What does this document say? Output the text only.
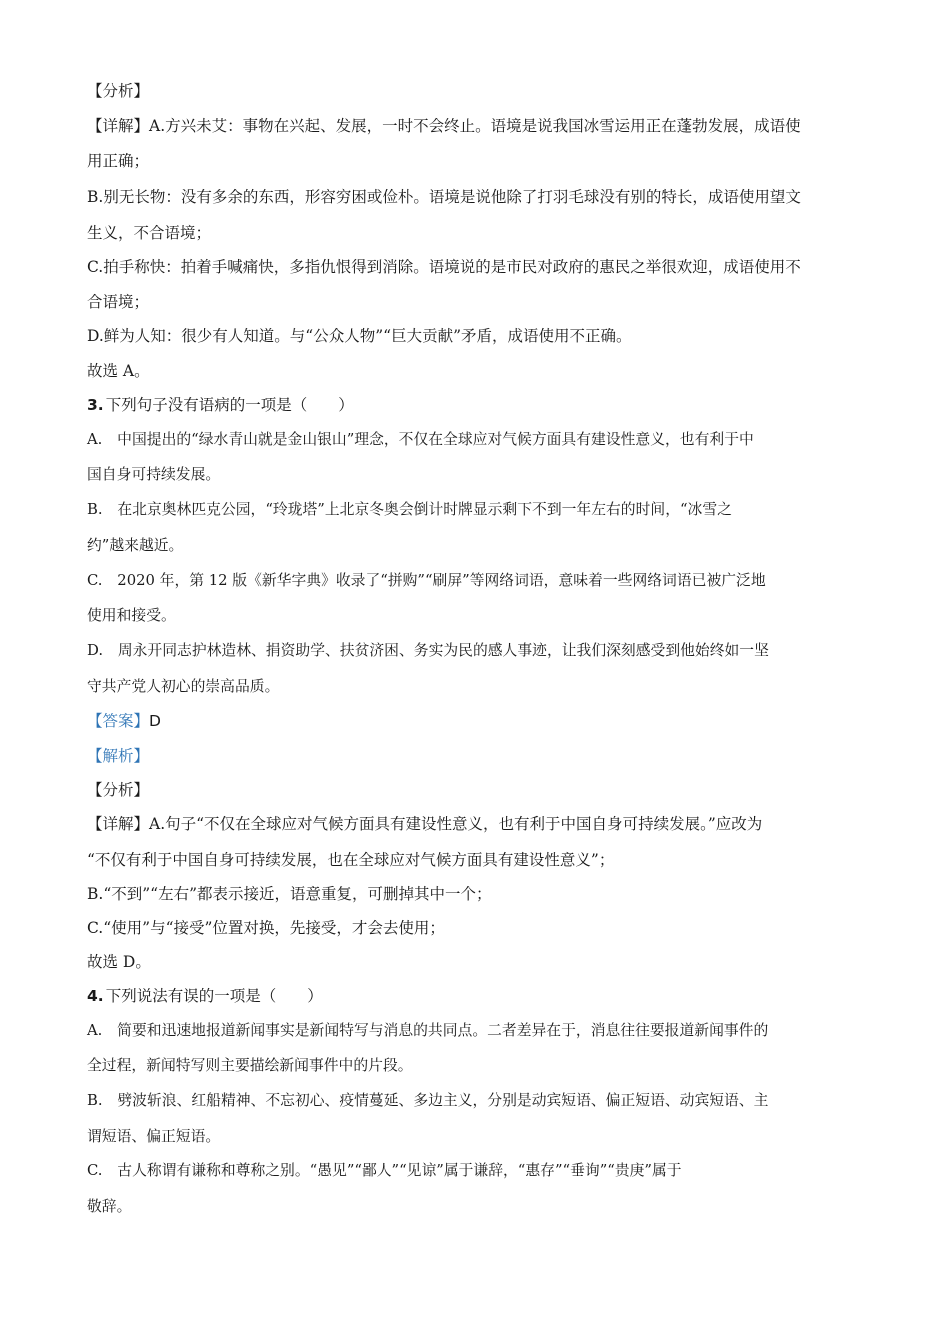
【分析】
【详解】A.方兴未艾：事物在兴起、发展，一时不会终止。语境是说我国冰雪运用正在蓬勃发展，成语使
用正确；
B.别无长物：没有多余的东西，形容穷困或俭朴。语境是说他除了打羽毛球没有别的特长，成语使用望文
生义，不合语境；
C.拍手称快：拍着手喊痛快，多指仇恨得到消除。语境说的是市民对政府的惠民之举很欢迎，成语使用不
合语境；
D.鲜为人知：很少有人知道。与“公众人物”“巨大贡献”矛盾，成语使用不正确。
故选 A。
3. 下列句子没有语病的一项是（　　）
A.　中国提出的“绿水青山就是金山银山”理念，不仅在全球应对气候方面具有建设性意义，也有利于中
国自身可持续发展。
B.　在北京奥林匹克公园，“玲珑塔”上北京冬奥会倒计时牌显示剩下不到一年左右的时间，“冰雪之
约”越来越近。
C.　2020 年，第 12 版《新华字典》收录了“拼购”“刷屏”等网络词语，意味着一些网络词语已被广泛地
使用和接受。
D.　周永开同志护林造林、捐资助学、扶贫济困、务实为民的感人事迹，让我们深刻感受到他始终如一坚
守共产党人初心的崇高品质。
【答案】D
【解析】
【分析】
【详解】A.句子“不仅在全球应对气候方面具有建设性意义，也有利于中国自身可持续发展。”应改为
“不仅有利于中国自身可持续发展，也在全球应对气候方面具有建设性意义”；
B.“不到”“左右”都表示接近，语意重复，可删掉其中一个；
C.“使用”与“接受”位置对换，先接受，才会去使用；
故选 D。
4. 下列说法有误的一项是（　　）
A.　简要和迅速地报道新闻事实是新闻特写与消息的共同点。二者差异在于，消息往往要报道新闻事件的
全过程，新闻特写则主要描绘新闻事件中的片段。
B.　劈波斩浪、红船精神、不忘初心、疫情蔓延、多边主义，分别是动宾短语、偏正短语、动宾短语、主
谓短语、偏正短语。
C.　古人称谓有谦称和尊称之别。“愚见”“鄙人”“见谅”属于谦辞，“惠存”“垂询”“贵庚”属于
敬辞。
